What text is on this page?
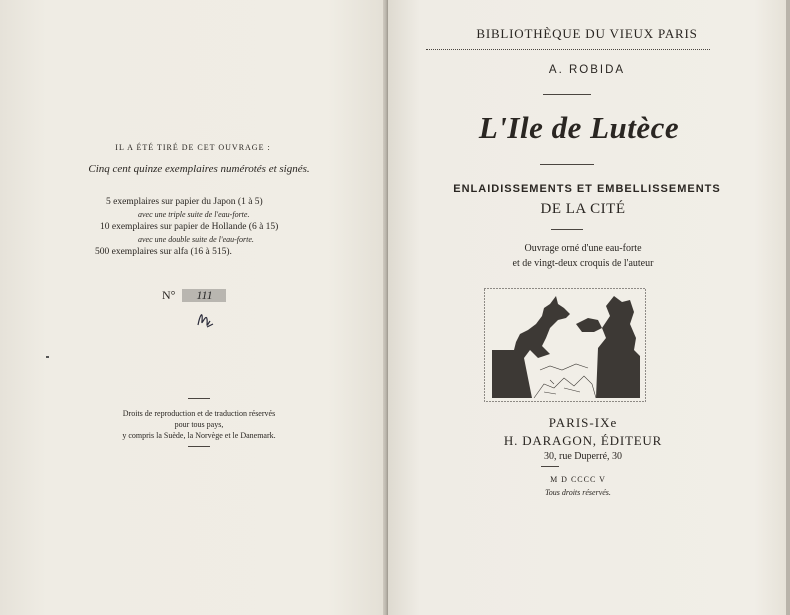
IL A ÉTÉ TIRÉ DE CET OUVRAGE :
Cinq cent quinze exemplaires numérotés et signés.
5 exemplaires sur papier du Japon (1 à 5)
avec une triple suite de l'eau-forte.
10 exemplaires sur papier de Hollande (6 à 15)
avec une double suite de l'eau-forte.
500 exemplaires sur alfa (16 à 515).
N° 111
Droits de reproduction et de traduction réservés
pour tous pays,
y compris la Suède, la Norvège et le Danemark.
BIBLIOTHÈQUE DU VIEUX PARIS
A. ROBIDA
L'Ile de Lutèce
ENLAIDISSEMENTS ET EMBELLISSEMENTS
DE LA CITÉ
Ouvrage orné d'une eau-forte
et de vingt-deux croquis de l'auteur
PARIS-IXe
H. DARAGON, ÉDITEUR
30, rue Duperré, 30
M D CCCC V
Tous droits réservés.
